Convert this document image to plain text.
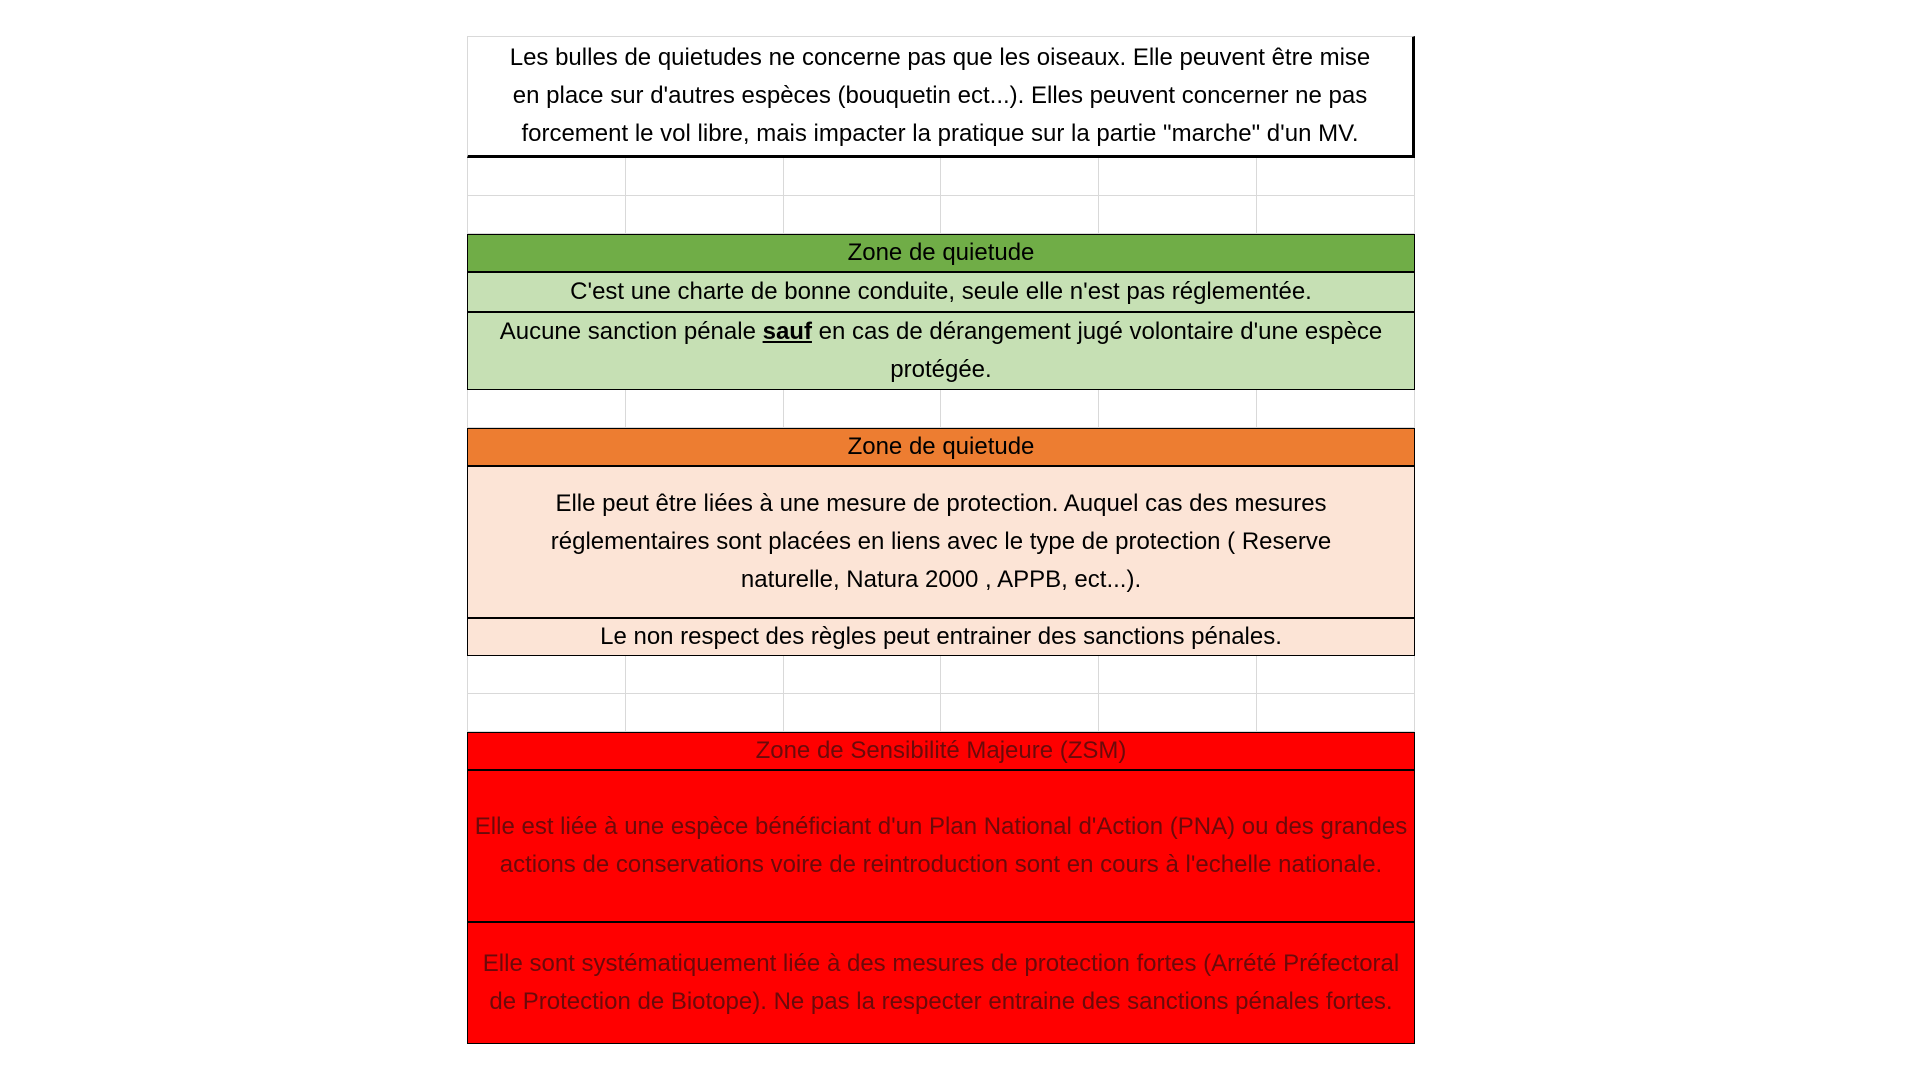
Les bulles de quietudes ne concerne pas que les oiseaux. Elle peuvent être mise
en place sur d'autres espèces (bouquetin ect...). Elles peuvent concerner ne pas
forcement le vol libre, mais impacter la pratique sur la partie "marche" d'un MV.
Zone de quietude
C'est une charte de bonne conduite, seule elle n'est pas réglementée.
Aucune sanction pénale sauf en cas de dérangement jugé volontaire d'une espèce protégée.
Zone de quietude
Elle peut être liées à une mesure de protection. Auquel cas des mesures réglementaires sont placées en liens avec le type de protection ( Reserve naturelle, Natura 2000 , APPB, ect...).
Le non respect des règles peut entrainer des sanctions pénales.
Zone de Sensibilité Majeure (ZSM)
Elle est liée à une espèce bénéficiant d'un Plan National d'Action (PNA) ou des grandes actions de conservations voire de reintroduction sont en cours à l'echelle nationale.
Elle sont systématiquement liée à des mesures de protection fortes (Arrété Préfectoral de Protection de Biotope). Ne pas la respecter entraine des sanctions pénales fortes.
